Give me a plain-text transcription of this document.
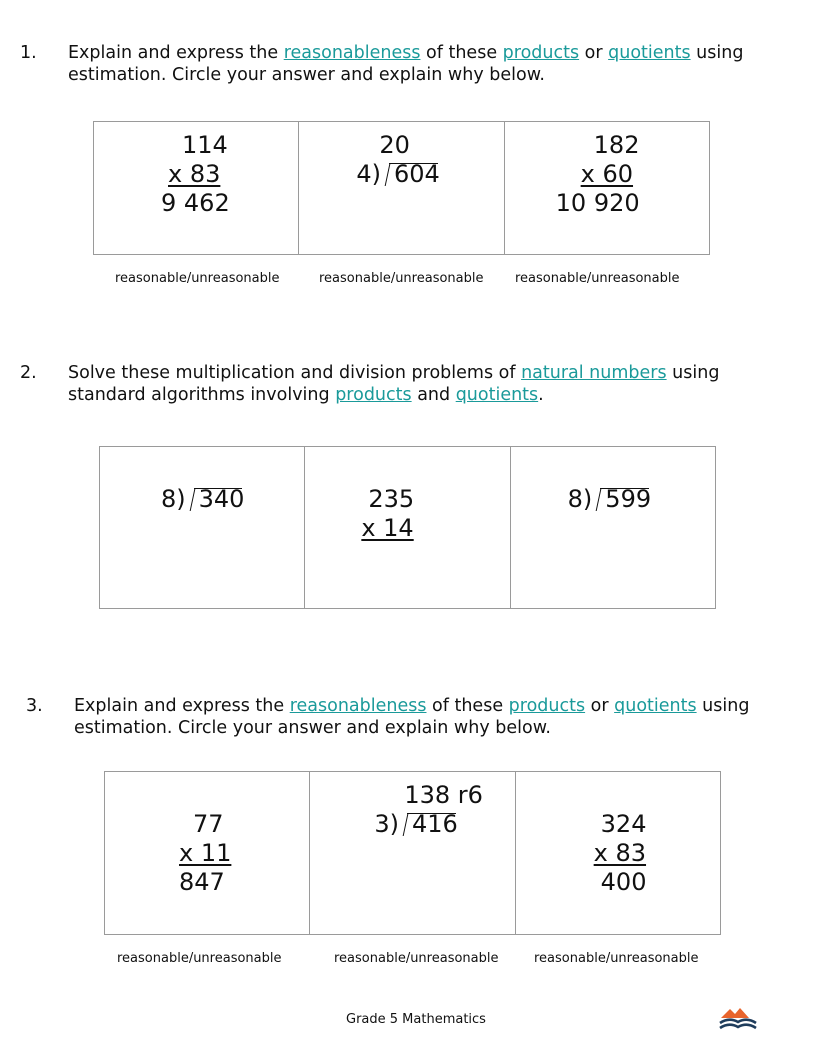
1. Explain and express the reasonableness of these products or quotients using
estimation. Circle your answer and explain why below.
114
x 83
9 462
20
4) 604
182
x 60
10 920
reasonable/unreasonable	reasonable/unreasonable reasonable/unreasonable
2. Solve these multiplication and division problems of natural numbers using
standard algorithms involving products and quotients.
8) 340	235
x 14
8) 599
3. Explain and express the reasonableness of these products or quotients using
estimation. Circle your answer and explain why below.
77
x 11
847
138 r6
3) 416	324
x 83
400
reasonable/unreasonable	reasonable/unreasonable	reasonable/unreasonable
Grade 5 Mathematics
